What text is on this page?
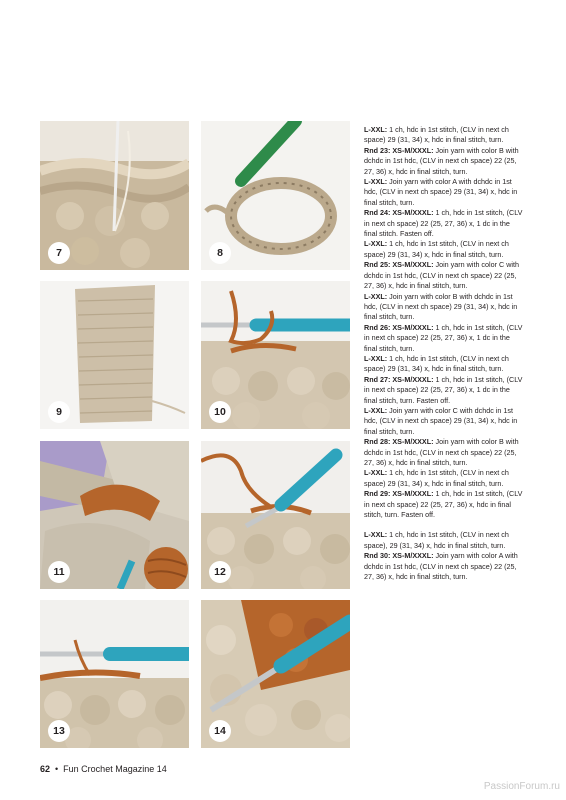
7	8
9	10
11	12
13	14

L-XXL: 1 ch, hdc in 1st stitch, (CLV in next ch space) 29 (31, 34) x, hdc in final stitch, turn.

Rnd 23: XS-M/XXXL: Join yarn with color B with dchdc in 1st hdc, (CLV in next ch space) 22 (25, 27, 36) x, hdc in final stitch, turn.

L-XXL: Join yarn with color A with dchdc in 1st hdc, (CLV in next ch space) 29 (31, 34) x, hdc in final stitch, turn.

Rnd 24: XS-M/XXXL: 1 ch, hdc in 1st stitch, (CLV in next ch space) 22 (25, 27, 36) x, 1 dc in the final stitch. Fasten off.

L-XXL: 1 ch, hdc in 1st stitch, (CLV in next ch space) 29 (31, 34) x, hdc in final stitch, turn.

Rnd 25: XS-M/XXXL: Join yarn with color C with dchdc in 1st hdc, (CLV in next ch space) 22 (25, 27, 36) x, hdc in final stitch, turn.

L-XXL: Join yarn with color B with dchdc in 1st hdc, (CLV in next ch space) 29 (31, 34) x, hdc in final stitch, turn.

Rnd 26: XS-M/XXXL: 1 ch, hdc in 1st stitch, (CLV in next ch space) 22 (25, 27, 36) x, 1 dc in the final stitch, turn.

L-XXL: 1 ch, hdc in 1st stitch, (CLV in next ch space) 29 (31, 34) x, hdc in final stitch, turn.

Rnd 27: XS-M/XXXL: 1 ch, hdc in 1st stitch, (CLV in next ch space) 22 (25, 27, 36) x, 1 dc in the final stitch, turn. Fasten off.

L-XXL: Join yarn with color C with dchdc in 1st hdc, (CLV in next ch space) 29 (31, 34) x, hdc in final stitch, turn.

Rnd 28: XS-M/XXXL: Join yarn with color B with dchdc in 1st hdc, (CLV in next ch space) 22 (25, 27, 36) x, hdc in final stitch, turn.

L-XXL: 1 ch, hdc in 1st stitch, (CLV in next ch space) 29 (31, 34) x, hdc in final stitch, turn.

Rnd 29: XS-M/XXXL: 1 ch, hdc in 1st stitch, (CLV in next ch space) 22 (25, 27, 36) x, hdc in final stitch, turn. Fasten off.

L-XXL: 1 ch, hdc in 1st stitch, (CLV in next ch space), 29 (31, 34) x, hdc in final stitch, turn.

Rnd 30: XS-M/XXXL: Join yarn with color A with dchdc in 1st hdc, (CLV in next ch space) 22 (25, 27, 36) x, hdc in final stitch, turn.

62 • Fun Crochet Magazine 14
PassionForum.ru
